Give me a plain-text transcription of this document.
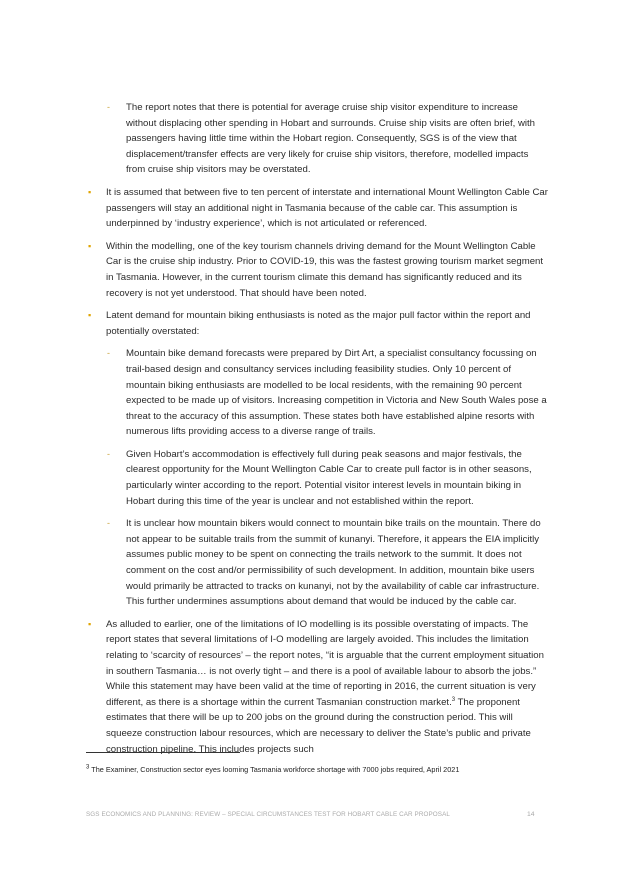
- The report notes that there is potential for average cruise ship visitor expenditure to increase without displacing other spending in Hobart and surrounds. Cruise ship visits are often brief, with passengers having little time within the Hobart region. Consequently, SGS is of the view that displacement/transfer effects are very likely for cruise ship visitors, therefore, modelled impacts from cruise ship visitors may be overstated.

▪ It is assumed that between five to ten percent of interstate and international Mount Wellington Cable Car passengers will stay an additional night in Tasmania because of the cable car. This assumption is underpinned by ‘industry experience’, which is not articulated or referenced.

▪ Within the modelling, one of the key tourism channels driving demand for the Mount Wellington Cable Car is the cruise ship industry. Prior to COVID-19, this was the fastest growing tourism market segment in Tasmania. However, in the current tourism climate this demand has significantly reduced and its recovery is not yet understood. That should have been noted.

▪ Latent demand for mountain biking enthusiasts is noted as the major pull factor within the report and potentially overstated:

- Mountain bike demand forecasts were prepared by Dirt Art, a specialist consultancy focussing on trail-based design and consultancy services including feasibility studies. Only 10 percent of mountain biking enthusiasts are modelled to be local residents, with the remaining 90 percent expected to be made up of visitors. Increasing competition in Victoria and New South Wales pose a threat to the accuracy of this assumption. These states both have established alpine resorts with numerous lifts providing access to a diverse range of trails.

- Given Hobart’s accommodation is effectively full during peak seasons and major festivals, the clearest opportunity for the Mount Wellington Cable Car to create pull factor is in other seasons, particularly winter according to the report. Potential visitor interest levels in mountain biking in Hobart during this time of the year is unclear and not established within the report.

- It is unclear how mountain bikers would connect to mountain bike trails on the mountain. There do not appear to be suitable trails from the summit of kunanyi. Therefore, it appears the EIA implicitly assumes public money to be spent on connecting the trails network to the summit. It does not comment on the cost and/or permissibility of such development. In addition, mountain bike users would primarily be attracted to tracks on kunanyi, not by the availability of cable car infrastructure. This further undermines assumptions about demand that would be induced by the cable car.

▪ As alluded to earlier, one of the limitations of IO modelling is its possible overstating of impacts. The report states that several limitations of I-O modelling are largely avoided. This includes the limitation relating to ‘scarcity of resources’ – the report notes, “it is arguable that the current employment situation in southern Tasmania… is not overly tight – and there is a pool of available labour to absorb the jobs.” While this statement may have been valid at the time of reporting in 2016, the current situation is very different, as there is a shortage within the current Tasmanian construction market.$^3$ The proponent estimates that there will be up to 200 jobs on the ground during the construction period. This will squeeze construction labour resources, which are necessary to deliver the State’s public and private construction pipeline. This includes projects such

$^3$ The Examiner, Construction sector eyes looming Tasmania workforce shortage with 7000 jobs required, April 2021
SGS ECONOMICS AND PLANNING: REVIEW – SPECIAL CIRCUMSTANCES TEST FOR HOBART CABLE CAR PROPOSAL	14
